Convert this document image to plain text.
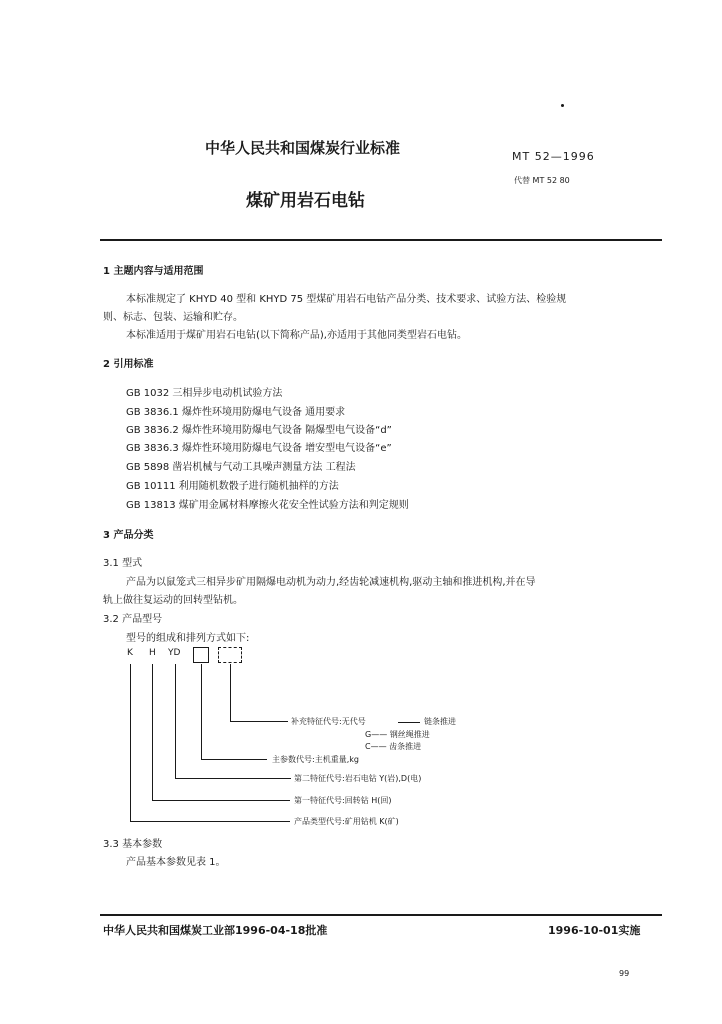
中华人民共和国煤炭行业标准
煤矿用岩石电钻
MT 52—1996
代替 MT 52 80
1 主题内容与适用范围
本标准规定了 KHYD 40 型和 KHYD 75 型煤矿用岩石电钻产品分类、技术要求、试验方法、检验规
则、标志、包装、运输和贮存。
本标准适用于煤矿用岩石电钻(以下简称产品),亦适用于其他同类型岩石电钻。
2 引用标准
GB 1032 三相异步电动机试验方法
GB 3836.1 爆炸性环境用防爆电气设备 通用要求
GB 3836.2 爆炸性环境用防爆电气设备 隔爆型电气设备“d”
GB 3836.3 爆炸性环境用防爆电气设备 增安型电气设备“e”
GB 5898 凿岩机械与气动工具噪声测量方法 工程法
GB 10111 利用随机数骰子进行随机抽样的方法
GB 13813 煤矿用金属材料摩擦火花安全性试验方法和判定规则
3 产品分类
3.1 型式
产品为以鼠笼式三相异步矿用隔爆电动机为动力,经齿轮减速机构,驱动主轴和推进机构,并在导
轨上做往复运动的回转型钻机。
3.2 产品型号
型号的组成和排列方式如下:
K H YD
补充特征代号:无代号	链条推进
G—— 钢丝绳推进
C—— 齿条推进
主参数代号:主机重量,kg
第二特征代号:岩石电钻 Y(岩),D(电)
第一特征代号:回转钻 H(回)
产品类型代号:矿用钻机 K(矿)
3.3 基本参数
产品基本参数见表 1。
中华人民共和国煤炭工业部1996-04-18批准	1996-10-01实施
99
